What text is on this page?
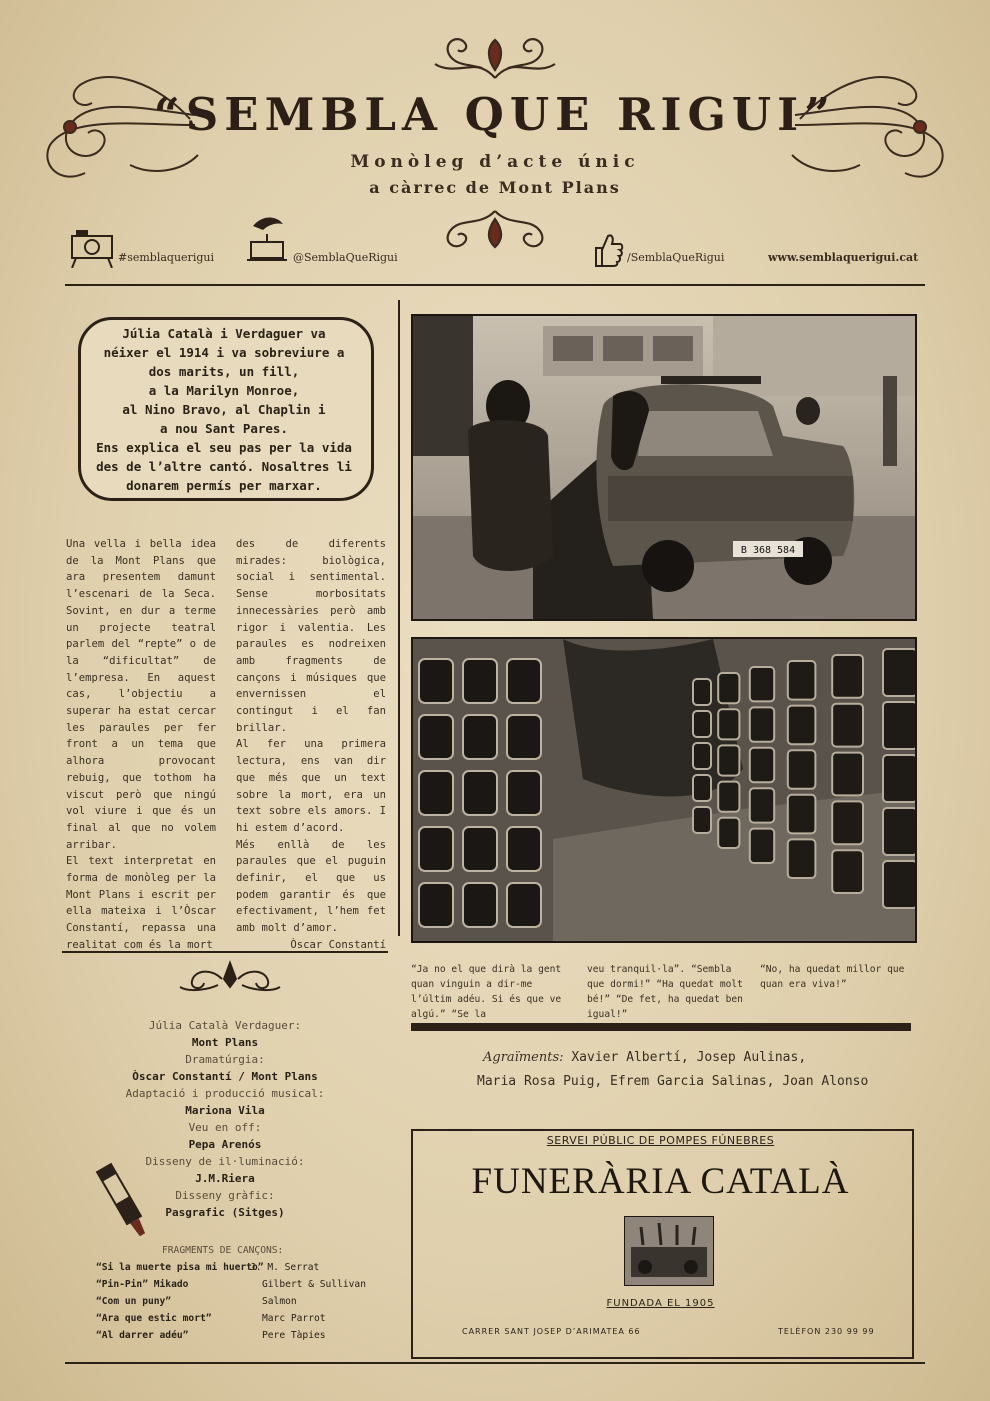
“SEMBLA QUE RIGUI”
Monòleg d’acte únic
a càrrec de Mont Plans
#semblaquerigui	@SemblaQueRigui	/SemblaQueRigui	www.semblaquerigui.cat
Júlia Català i Verdaguer va
néixer el 1914 i va sobreviure a
dos marits, un fill,
a la Marilyn Monroe,
al Nino Bravo, al Chaplin i
a nou Sant Pares.
Ens explica el seu pas per la vida
des de l’altre cantó. Nosaltres li
donarem permís per marxar.

Una vella i bella idea de la Mont Plans que ara presentem damunt l’escenari de la Seca. Sovint, en dur a terme un projecte teatral parlem del “repte” o de la “dificultat” de l’empresa. En aquest cas, l’objectiu a superar ha estat cercar les paraules per fer front a un tema que alhora provocant rebuig, que tothom ha viscut però que ningú vol viure i que és un final al que no volem arribar.

El text interpretat en forma de monòleg per la Mont Plans i escrit per ella mateixa i l’Òscar Constantí, repassa una realitat com és la mort

des de diferents mirades: biològica, social i sentimental. Sense morbositats innecessàries però amb rigor i valentia. Les paraules es nodreixen amb fragments de cançons i músiques que envernissen el contingut i el fan brillar.

Al fer una primera lectura, ens van dir que més que un text sobre la mort, era un text sobre els amors. I hi estem d’acord.

Més enllà de les paraules que el puguin definir, el que us podem garantir és que efectivament, l’hem fet amb molt d’amor.

Òscar Constantí
B 368 584
“Ja no el que dirà la gent quan vinguin a dir-me l’últim adéu. Si és que ve algú.” “Se la
veu tranquil·la”. “Sembla que dormi!” “Ha quedat molt bé!” “De fet, ha quedat ben igual!”
“No, ha quedat millor que quan era viva!”
Agraïments: Xavier Albertí, Josep Aulinas,
Maria Rosa Puig, Efrem Garcia Salinas, Joan Alonso
Júlia Català Verdaguer:
Mont Plans
Dramatúrgia:
Òscar Constantí / Mont Plans
Adaptació i producció musical:
Mariona Vila
Veu en off:
Pepa Arenós
Disseny de il·luminació:
J.M.Riera
Disseny gràfic:
Pasgrafic (Sitges)
FRAGMENTS DE CANÇONS:
“Si la muerte pisa mi huerto”
J. M. Serrat
“Pin-Pin” Mikado	Gilbert & Sullivan
“Com un puny”	Salmon
“Ara que estic mort”	Marc Parrot
“Al darrer adéu”	Pere Tàpies
SERVEI PÚBLIC DE POMPES FÚNEBRES
FUNERÀRIA CATALÀ
FUNDADA EL 1905
CARRER SANT JOSEP D’ARIMATEA 66	TELÈFON 230 99 99
